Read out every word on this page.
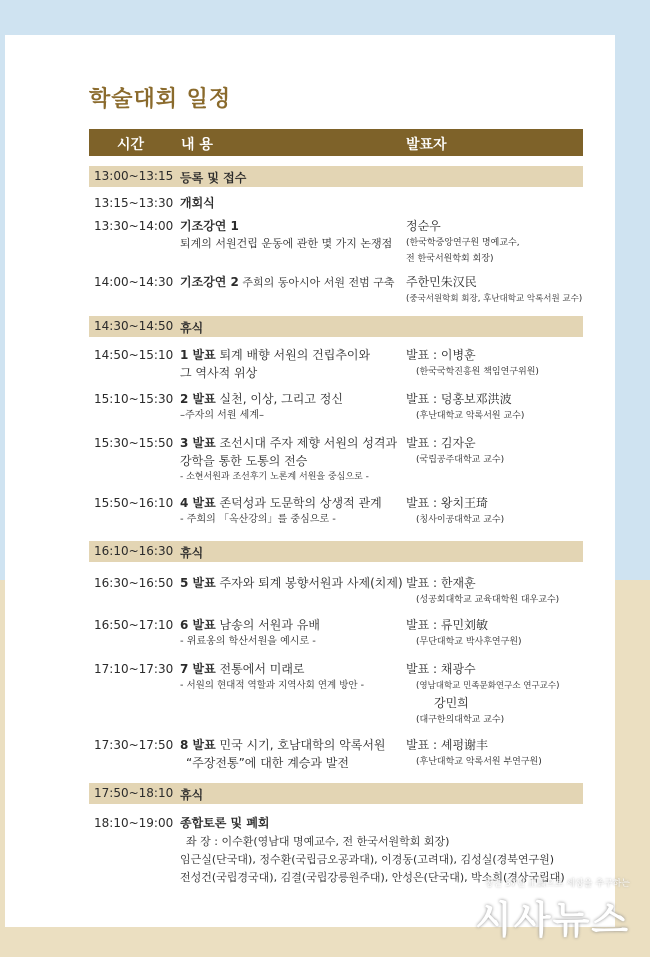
학술대회 일정
시간	내 용	발표자
13:00~13:15 등록 및 접수
13:15~13:30 개회식
13:30~14:00 기조강연 1
퇴계의 서원건립 운동에 관한 몇 가지 논쟁점
정순우
(한국학중앙연구원 명예교수,
전 한국서원학회 회장)
14:00~14:30 기조강연 2 주희의 동아시아 서원 전범 구축 주한민朱汉民
(중국서원학회 회장, 후난대학교 악록서원 교수)
14:30~14:50 휴식
14:50~15:10 1 발표 퇴계 배향 서원의 건립추이와
그 역사적 위상
발표 : 이병훈
(한국국학진흥원 책임연구위원)
15:10~15:30 2 발표 실천, 이상, 그리고 정신
–주자의 서원 세계–
발표 : 덩홍보邓洪波
(후난대학교 악록서원 교수)
15:30~15:50 3 발표 조선시대 주자 제향 서원의 성격과
강학을 통한 도통의 전승
- 소현서원과 조선후기 노론계 서원을 중심으로 -
발표 : 김자운
(국립공주대학교 교수)
15:50~16:10 4 발표 존덕성과 도문학의 상생적 관계
- 주희의 「옥산강의」를 중심으로 -
발표 : 왕치王琦
(칭사이공대학교 교수)
16:10~16:30 휴식
16:30~16:50 5 발표 주자와 퇴계 봉향서원과 사제(치제) 발표 : 한재훈
(성공회대학교 교육대학원 대우교수)
16:50~17:10 6 발표 남송의 서원과 유배
- 위료옹의 학산서원을 예시로 -
발표 : 류민刘敏
(무단대학교 박사후연구원)
17:10~17:30 7 발표 전통에서 미래로
- 서원의 현대적 역할과 지역사회 연계 방안 -
발표 : 채광수
(영남대학교 민족문화연구소 연구교수)
강민희
(대구한의대학교 교수)
17:30~17:50 8 발표 민국 시기, 호남대학의 악록서원
“주장전통”에 대한 계승과 발전
발표 : 셰펑谢丰
(후난대학교 악록서원 부연구원)
17:50~18:10 휴식
18:10~19:00 종합토론 및 폐회
좌 장 : 이수환(영남대 명예교수, 전 한국서원학회 회장)
임근실(단국대), 정수환(국립금오공과대), 이경동(고려대), 김성실(경북연구원)
전성건(국립경국대), 김결(국립강릉원주대), 안성은(단국대), 박소희(경상국립대)
창간 37년 正論으로 세상을 추구하는
시사뉴스
